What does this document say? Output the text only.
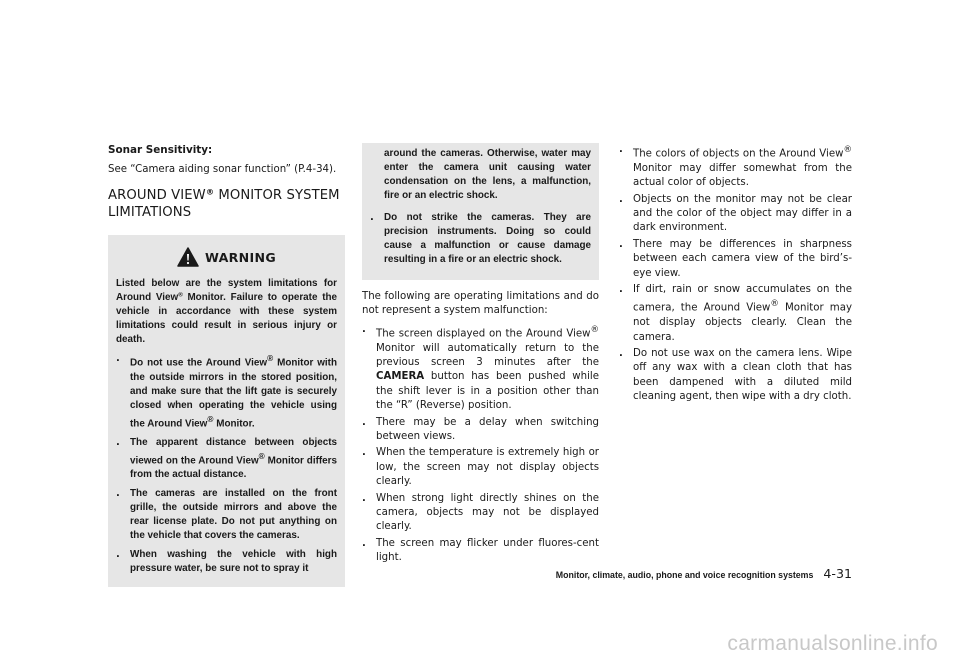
Sonar Sensitivity:

See “Camera aiding sonar function” (P.4-34).

AROUND VIEW® MONITOR SYSTEM LIMITATIONS
WARNING

Listed below are the system limitations for Around View® Monitor. Failure to operate the vehicle in accordance with these system limitations could result in serious injury or death.

.	Do not use the Around View® Monitor with the outside mirrors in the stored position, and make sure that the lift gate is securely closed when operating the vehicle using the Around View® Monitor.
.	The apparent distance between objects viewed on the Around View® Monitor differs from the actual distance.
.	The cameras are installed on the front grille, the outside mirrors and above the rear license plate. Do not put anything on the vehicle that covers the cameras.
.	When washing the vehicle with high pressure water, be sure not to spray it
around the cameras. Otherwise, water may enter the camera unit causing water condensation on the lens, a malfunction, fire or an electric shock.
.	Do not strike the cameras. They are precision instruments. Doing so could cause a malfunction or cause damage resulting in a fire or an electric shock.

The following are operating limitations and do not represent a system malfunction:

. The screen displayed on the Around View® Monitor will automatically return to the previous screen 3 minutes after the CAMERA button has been pushed while the shift lever is in a position other than the “R” (Reverse) position.
. There may be a delay when switching between views.
. When the temperature is extremely high or low, the screen may not display objects clearly.
. When strong light directly shines on the camera, objects may not be displayed clearly.
. The screen may flicker under fluores-cent light.
. The colors of objects on the Around View® Monitor may differ somewhat from the actual color of objects.
. Objects on the monitor may not be clear and the color of the object may differ in a dark environment.
. There may be differences in sharpness between each camera view of the bird’s-eye view.
. If dirt, rain or snow accumulates on the camera, the Around View® Monitor may not display objects clearly. Clean the camera.
. Do not use wax on the camera lens. Wipe off any wax with a clean cloth that has been dampened with a diluted mild cleaning agent, then wipe with a dry cloth.
Monitor, climate, audio, phone and voice recognition systems 4-31
carmanualsonline.info
